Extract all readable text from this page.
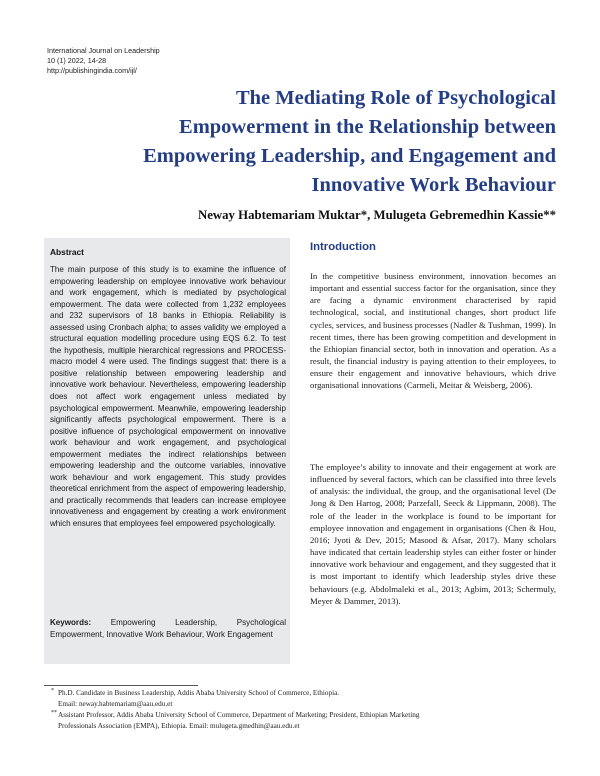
International Journal on Leadership
10 (1) 2022, 14-28
http://publishingindia.com/ijl/
The Mediating Role of Psychological
Empowerment in the Relationship between
Empowering Leadership, and Engagement and
Innovative Work Behaviour
Neway Habtemariam Muktar*, Mulugeta Gebremedhin Kassie**
Abstract

The main purpose of this study is to examine the influence of empowering leadership on employee innovative work behaviour and work engagement, which is mediated by psychological empowerment. The data were collected from 1,232 employees and 232 supervisors of 18 banks in Ethiopia. Reliability is assessed using Cronbach alpha; to asses validity we employed a structural equation modelling procedure using EQS 6.2. To test the hypothesis, multiple hierarchical regressions and PROCESS-macro model 4 were used. The findings suggest that: there is a positive relationship between empowering leadership and innovative work behaviour. Nevertheless, empowering leadership does not affect work engagement unless mediated by psychological empowerment. Meanwhile, empowering leadership significantly affects psychological empowerment. There is a positive influence of psychological empowerment on innovative work behaviour and work engagement, and psychological empowerment mediates the indirect relationships between empowering leadership and the outcome variables, innovative work behaviour and work engagement. This study provides theoretical enrichment from the aspect of empowering leadership, and practically recommends that leaders can increase employee innovativeness and engagement by creating a work environment which ensures that employees feel empowered psychologically.

Keywords: Empowering Leadership, Psychological Empowerment, Innovative Work Behaviour, Work Engagement

Introduction

In the competitive business environment, innovation becomes an important and essential success factor for the organisation, since they are facing a dynamic environment characterised by rapid technological, social, and institutional changes, short product life cycles, services, and business processes (Nadler & Tushman, 1999). In recent times, there has been growing competition and development in the Ethiopian financial sector, both in innovation and operation. As a result, the financial industry is paying attention to their employees, to ensure their engagement and innovative behaviours, which drive organisational innovations (Carmeli, Meitar & Weisberg, 2006).

The employee’s ability to innovate and their engagement at work are influenced by several factors, which can be classified into three levels of analysis: the individual, the group, and the organisational level (De Jong & Den Hartog, 2008; Parzefall, Seeck & Lippmann, 2008). The role of the leader in the workplace is found to be important for employee innovation and engagement in organisations (Chen & Hou, 2016; Jyoti & Dev, 2015; Masood & Afsar, 2017). Many scholars have indicated that certain leadership styles can either foster or hinder innovative work behaviour and engagement, and they suggested that it is most important to identify which leadership styles drive these behaviours (e.g. Abdolmaleki et al., 2013; Agbim, 2013; Schermuly, Meyer & Dammer, 2013).

* Ph.D. Candidate in Business Leadership, Addis Ababa University School of Commerce, Ethiopia.
Email: neway.habtemariam@aau.edu.et

** Assistant Professor, Addis Ababa University School of Commerce, Department of Marketing; President, Ethiopian Marketing
Professionals Association (EMPA), Ethiopia. Email: mulugeta.gmedhin@aau.edu.et
